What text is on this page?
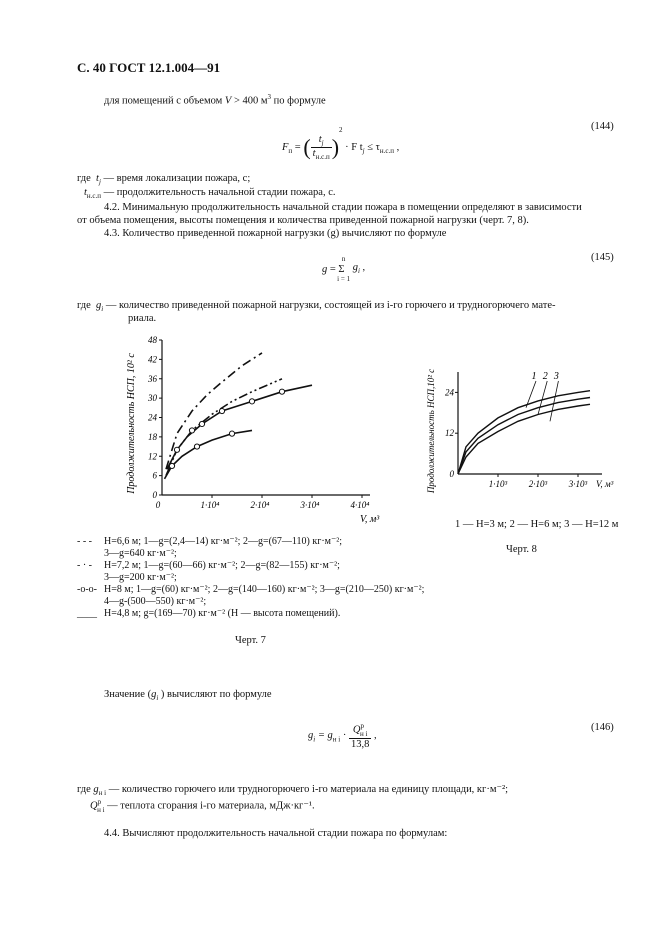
С. 40 ГОСТ 12.1.004—91
для помещений с объемом V > 400 $м^3$ по формуле
$F_п$ = ( $\frac{t_j}{t_{н.с.п}} )^2 \cdot F$ $t_j \le \tau_{н.с.п}$ ,
(144)
где $t_j$ — время локализации пожара, с;
$t_{н.с.п}$ — продолжительность начальной стадии пожара, с.
4.2. Минимальную продолжительность начальной стадии пожара в помещении определяют в зависимости
от объема помещения, высоты помещения и количества приведенной пожарной нагрузки (черт. 7, 8).
4.3. Количество приведенной пожарной нагрузки (g) вычисляют по формуле
g = Σ
n
i = 1
$g_i$ ,
(145)
где $g_i$ — количество приведенной пожарной нагрузки, состоящей из i-го горючего и трудногорючего мате-
риала.
48
42
36
30
24
18
12
6
0
1·10⁴	2·10⁴	3·10⁴	4·10⁴
0
Продолжительность НСП, 10² с
V, м³
24
12
0
1·10³ 2·10³ 3·10³
Продолжительность НСП,10² с	V, м³
1 2 3
1 — Н=3 м; 2 — Н=6 м; 3 — Н=12 м
Черт. 8
- - - Н=6,6 м; 1—g=(2,4—14) кг·м⁻²; 2—g=(67—110) кг·м⁻²;
3—g=640 кг·м⁻²;
- · - Н=7,2 м; 1—g=(60—66) кг·м⁻²; 2—g=(82—155) кг·м⁻²;
3—g=200 кг·м⁻²;
-o-o- Н=8 м; 1—g=(60) кг·м⁻²; 2—g=(140—160) кг·м⁻²; 3—g=(210—250) кг·м⁻²;
4—g-(500—550) кг·м⁻²;
____ Н=4,8 м; g=(169—70) кг·м⁻² (Н — высота помещений).
Черт. 7
Значение ($g_i$ ) вычисляют по формуле
$g_i = g_{н i} \cdot \frac{Q^р_{н i}}{13,8}$ ,
(146)
где $g_{н i}$ — количество горючего или трудногорючего i-го материала на единицу площади, кг·м⁻²;
$Q^р_{н i}$ — теплота сгорания i-го материала, мДж·кг⁻¹.
4.4. Вычисляют продолжительность начальной стадии пожара по формулам:
